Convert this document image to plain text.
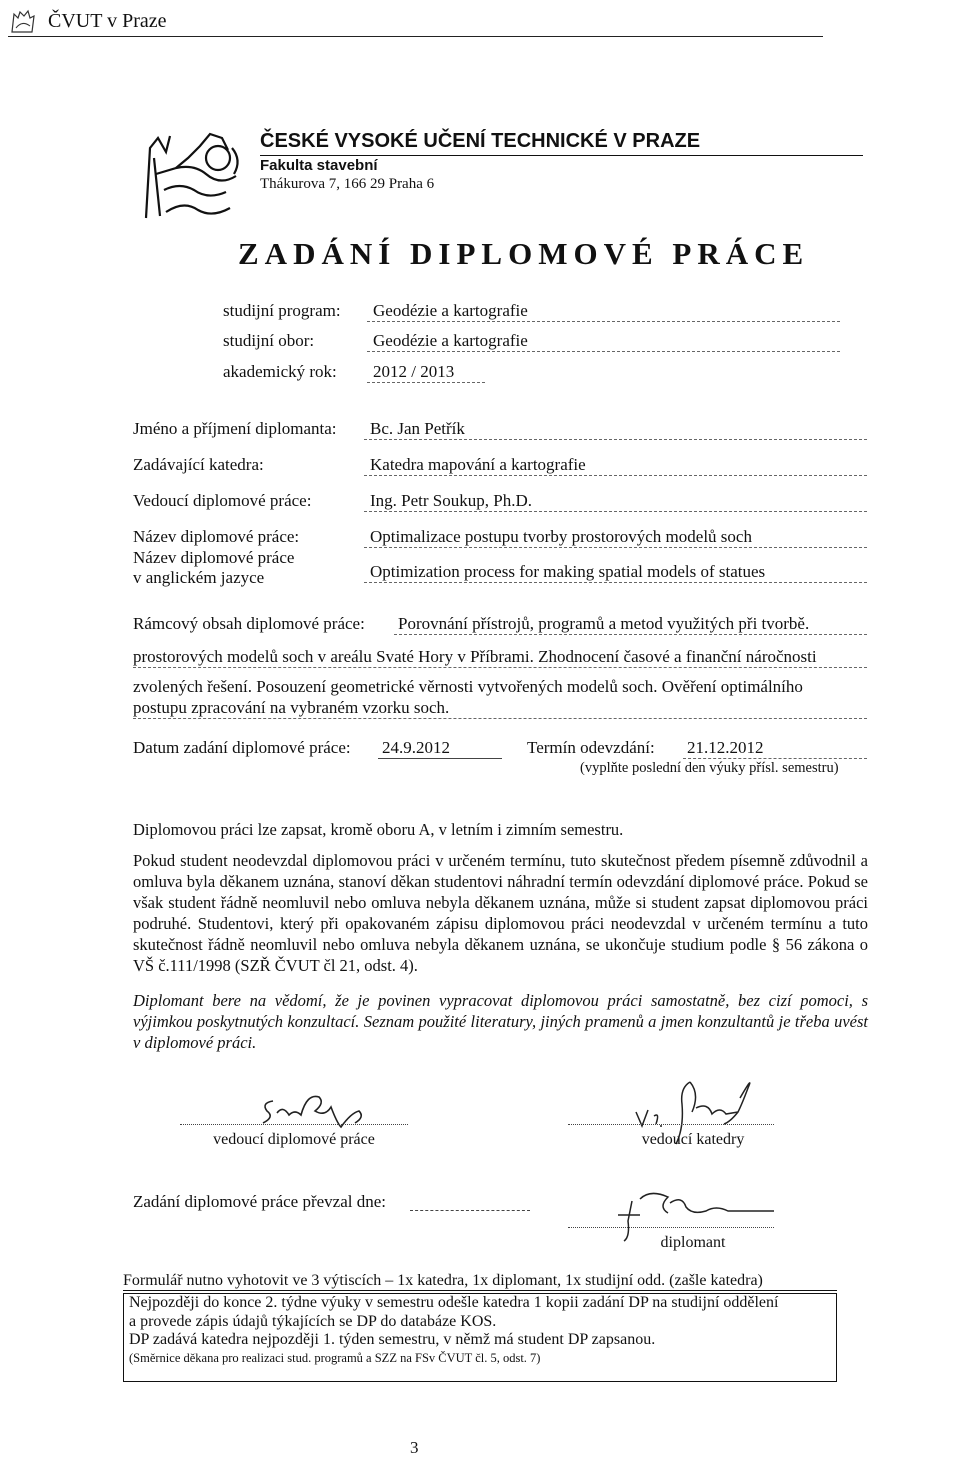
ČVUT v Praze
ČESKÉ VYSOKÉ UČENÍ TECHNICKÉ V PRAZE
Fakulta stavební
Thákurova 7, 166 29 Praha 6
ZADÁNÍ DIPLOMOVÉ PRÁCE
studijní program:	Geodézie a kartografie
studijní obor:	Geodézie a kartografie
akademický rok:	2012 / 2013
Jméno a příjmení diplomanta:	Bc. Jan Petřík
Zadávající katedra:	Katedra mapování a kartografie
Vedoucí diplomové práce:	Ing. Petr Soukup, Ph.D.
Název diplomové práce:	Optimalizace postupu tvorby prostorových modelů soch
Název diplomové práce
v anglickém jazyce	Optimization process for making spatial models of statues
Rámcový obsah diplomové práce: Porovnání přístrojů, programů a metod využitých při tvorbě.
prostorových modelů soch v areálu Svaté Hory v Příbrami. Zhodnocení časové a finanční náročnosti
zvolených řešení. Posouzení geometrické věrnosti vytvořených modelů soch. Ověření optimálního
postupu zpracování na vybraném vzorku soch.
Datum zadání diplomové práce: 24.9.2012	Termín odevzdání: 21.12.2012
(vyplňte poslední den výuky přísl. semestru)
Diplomovou práci lze zapsat, kromě oboru A, v letním i zimním semestru.
Pokud student neodevzdal diplomovou práci v určeném termínu, tuto skutečnost předem písemně zdůvodnil a omluva byla děkanem uznána, stanoví děkan studentovi náhradní termín odevzdání diplomové práce. Pokud se však student řádně neomluvil nebo omluva nebyla děkanem uznána, může si student zapsat diplomovou práci podruhé. Studentovi, který při opakovaném zápisu diplomovou práci neodevzdal v určeném termínu a tuto skutečnost řádně neomluvil nebo omluva nebyla děkanem uznána, se ukončuje studium podle § 56 zákona o VŠ č.111/1998 (SZŘ ČVUT čl 21, odst. 4).
Diplomant bere na vědomí, že je povinen vypracovat diplomovou práci samostatně, bez cizí pomoci, s výjimkou poskytnutých konzultací. Seznam použité literatury, jiných pramenů a jmen konzultantů je třeba uvést v diplomové práci.
vedoucí diplomové práce	vedoucí katedry
Zadání diplomové práce převzal dne:
diplomant
Formulář nutno vyhotovit ve 3 výtiscích – 1x katedra, 1x diplomant, 1x studijní odd. (zašle katedra)

Nejpozději do konce 2. týdne výuky v semestru odešle katedra 1 kopii zadání DP na studijní oddělení

a provede zápis údajů týkajících se DP do databáze KOS.

DP zadává katedra nejpozději 1. týden semestru, v němž má student DP zapsanou.

(Směrnice děkana pro realizaci stud. programů a SZZ na FSv ČVUT čl. 5, odst. 7)

3
